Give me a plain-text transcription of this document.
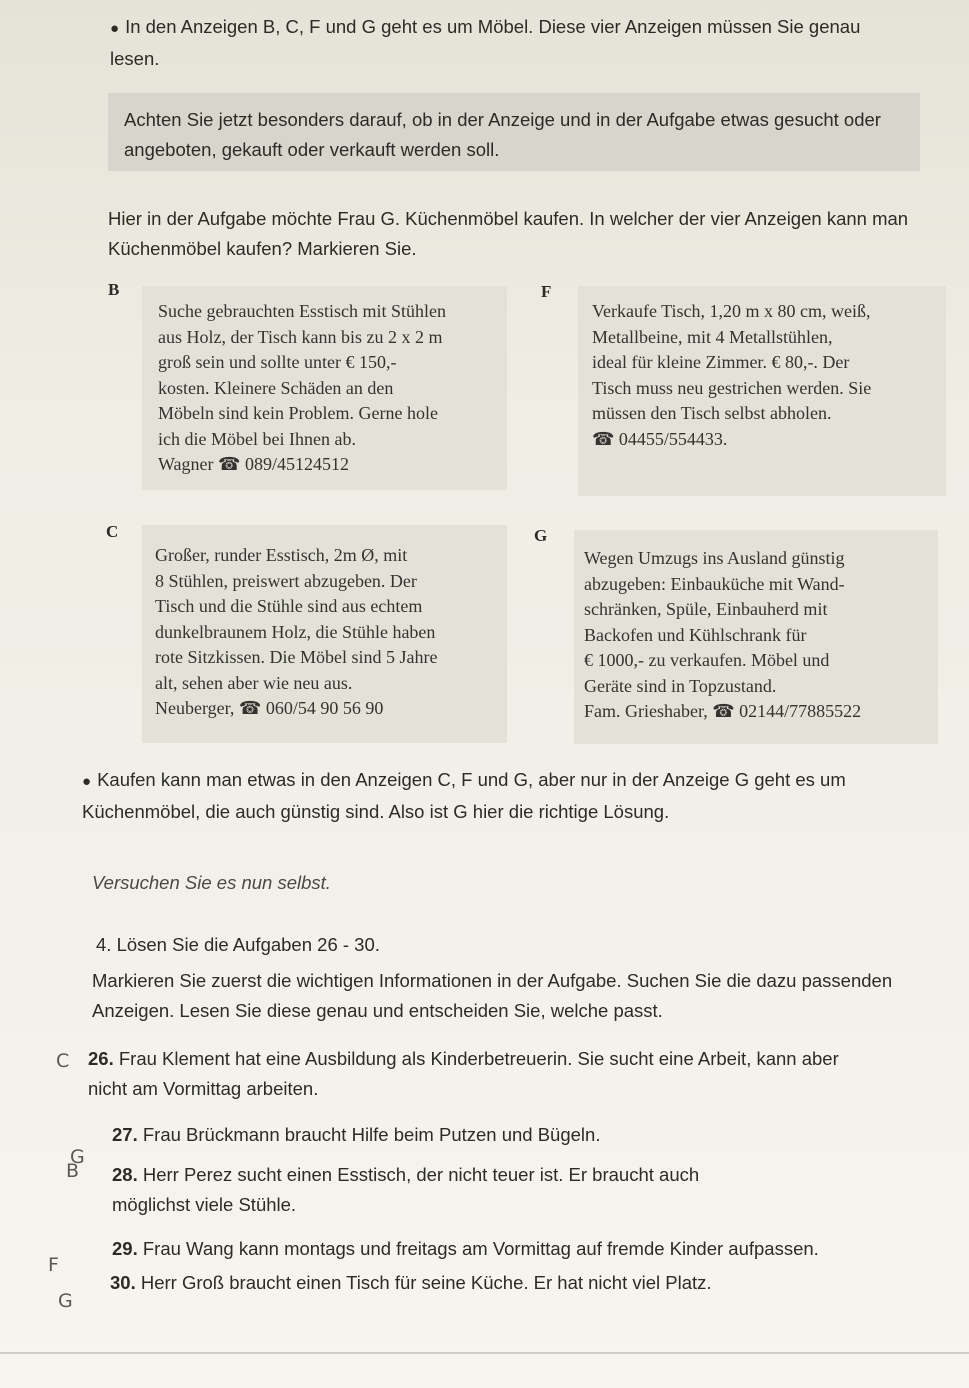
● In den Anzeigen B, C, F und G geht es um Möbel. Diese vier Anzeigen müssen Sie genau lesen.
Achten Sie jetzt besonders darauf, ob in der Anzeige und in der Aufgabe etwas gesucht oder angeboten, gekauft oder verkauft werden soll.
Hier in der Aufgabe möchte Frau G. Küchenmöbel kaufen. In welcher der vier Anzeigen kann man Küchenmöbel kaufen? Markieren Sie.
B
Suche gebrauchten Esstisch mit Stühlen
aus Holz, der Tisch kann bis zu 2 x 2 m
groß sein und sollte unter € 150,-
kosten. Kleinere Schäden an den
Möbeln sind kein Problem. Gerne hole
ich die Möbel bei Ihnen ab.
Wagner ☎ 089/45124512
F
Verkaufe Tisch, 1,20 m x 80 cm, weiß,
Metallbeine, mit 4 Metallstühlen,
ideal für kleine Zimmer. € 80,-. Der
Tisch muss neu gestrichen werden. Sie
müssen den Tisch selbst abholen.
☎ 04455/554433.
C
Großer, runder Esstisch, 2m Ø, mit
8 Stühlen, preiswert abzugeben. Der
Tisch und die Stühle sind aus echtem
dunkelbraunem Holz, die Stühle haben
rote Sitzkissen. Die Möbel sind 5 Jahre
alt, sehen aber wie neu aus.
Neuberger, ☎ 060/54 90 56 90
G
Wegen Umzugs ins Ausland günstig
abzugeben: Einbauküche mit Wand-
schränken, Spüle, Einbauherd mit
Backofen und Kühlschrank für
€ 1000,- zu verkaufen. Möbel und
Geräte sind in Topzustand.
Fam. Grieshaber, ☎ 02144/77885522
● Kaufen kann man etwas in den Anzeigen C, F und G, aber nur in der Anzeige G geht es um Küchenmöbel, die auch günstig sind. Also ist G hier die richtige Lösung.
Versuchen Sie es nun selbst.
4. Lösen Sie die Aufgaben 26 - 30.
Markieren Sie zuerst die wichtigen Informationen in der Aufgabe. Suchen Sie die dazu passenden Anzeigen. Lesen Sie diese genau und entscheiden Sie, welche passt.
C 26. Frau Klement hat eine Ausbildung als Kinderbetreuerin. Sie sucht eine Arbeit, kann aber nicht am Vormittag arbeiten.
G
27. Frau Brückmann braucht Hilfe beim Putzen und Bügeln.
B 28. Herr Perez sucht einen Esstisch, der nicht teuer ist. Er braucht auch möglichst viele Stühle.
F
29. Frau Wang kann montags und freitags am Vormittag auf fremde Kinder aufpassen.
G
30. Herr Groß braucht einen Tisch für seine Küche. Er hat nicht viel Platz.
